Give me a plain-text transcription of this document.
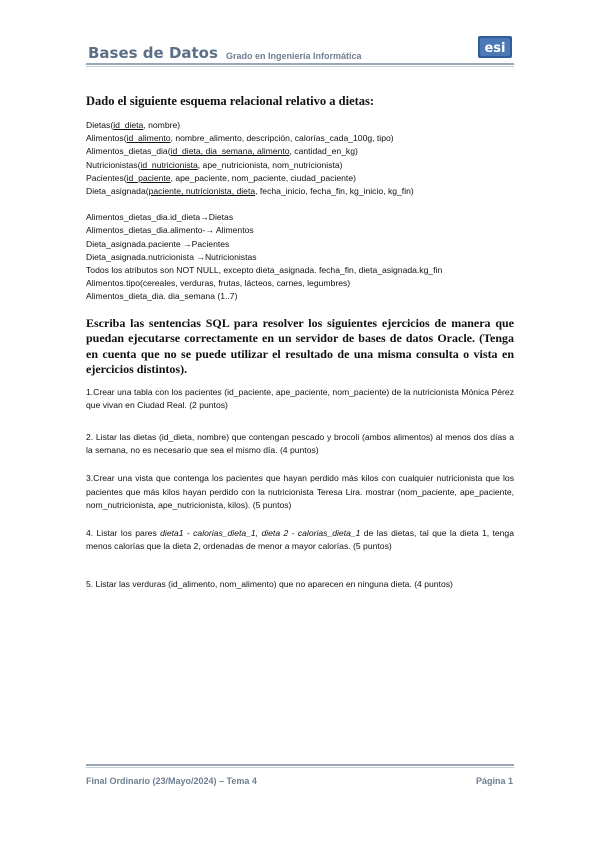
Bases de Datos Grado en Ingeniería Informática	esi
Dado el siguiente esquema relacional relativo a dietas:
Dietas(id_dieta, nombre)
Alimentos(id_alimento, nombre_alimento, descripción, calorías_cada_100g, tipo)
Alimentos_dietas_dia(id_dieta, dia_semana, alimento, cantidad_en_kg)
Nutricionistas(id_nutricionista, ape_nutricionista, nom_nutricionista)
Pacientes(id_paciente, ape_paciente, nom_paciente, ciudad_paciente)
Dieta_asignada(paciente, nutricionista, dieta, fecha_inicio, fecha_fin, kg_inicio, kg_fin)
Alimentos_dietas_dia.id_dieta→Dietas
Alimentos_dietas_dia.alimento-→ Alimentos
Dieta_asignada.paciente →Pacientes
Dieta_asignada.nutricionista →Nutricionistas
Todos los atributos son NOT NULL, excepto dieta_asignada. fecha_fin, dieta_asignada.kg_fin
Alimentos.tipo(cereales, verduras, frutas, lácteos, carnes, legumbres)
Alimentos_dieta_dia. dia_semana (1..7)
Escriba las sentencias SQL para resolver los siguientes ejercicios de manera que puedan ejecutarse correctamente en un servidor de bases de datos Oracle. (Tenga en cuenta que no se puede utilizar el resultado de una misma consulta o vista en ejercicios distintos).
1.Crear una tabla con los pacientes (id_paciente, ape_paciente, nom_paciente) de la nutricionista Mónica Pérez que vivan en Ciudad Real. (2 puntos)
2. Listar las dietas (id_dieta, nombre) que contengan pescado y brocoli (ambos alimentos) al menos dos días a la semana, no es necesario que sea el mismo día. (4 puntos)
3.Crear una vista que contenga los pacientes que hayan perdido más kilos con cualquier nutricionista que los pacientes que más kilos hayan perdido con la nutricionista Teresa Lira. mostrar (nom_paciente, ape_paciente, nom_nutricionista, ape_nutricionista, kilos). (5 puntos)
4. Listar los pares dieta1 - calorias_dieta_1, dieta 2 - calorias_dieta_1 de las dietas, tal que la dieta 1, tenga menos calorías que la dieta 2, ordenadas de menor a mayor calorías. (5 puntos)
5. Listar las verduras (id_alimento, nom_alimento) que no aparecen en ninguna dieta. (4 puntos)
Final Ordinario (23/Mayo/2024) – Tema 4	Página 1
